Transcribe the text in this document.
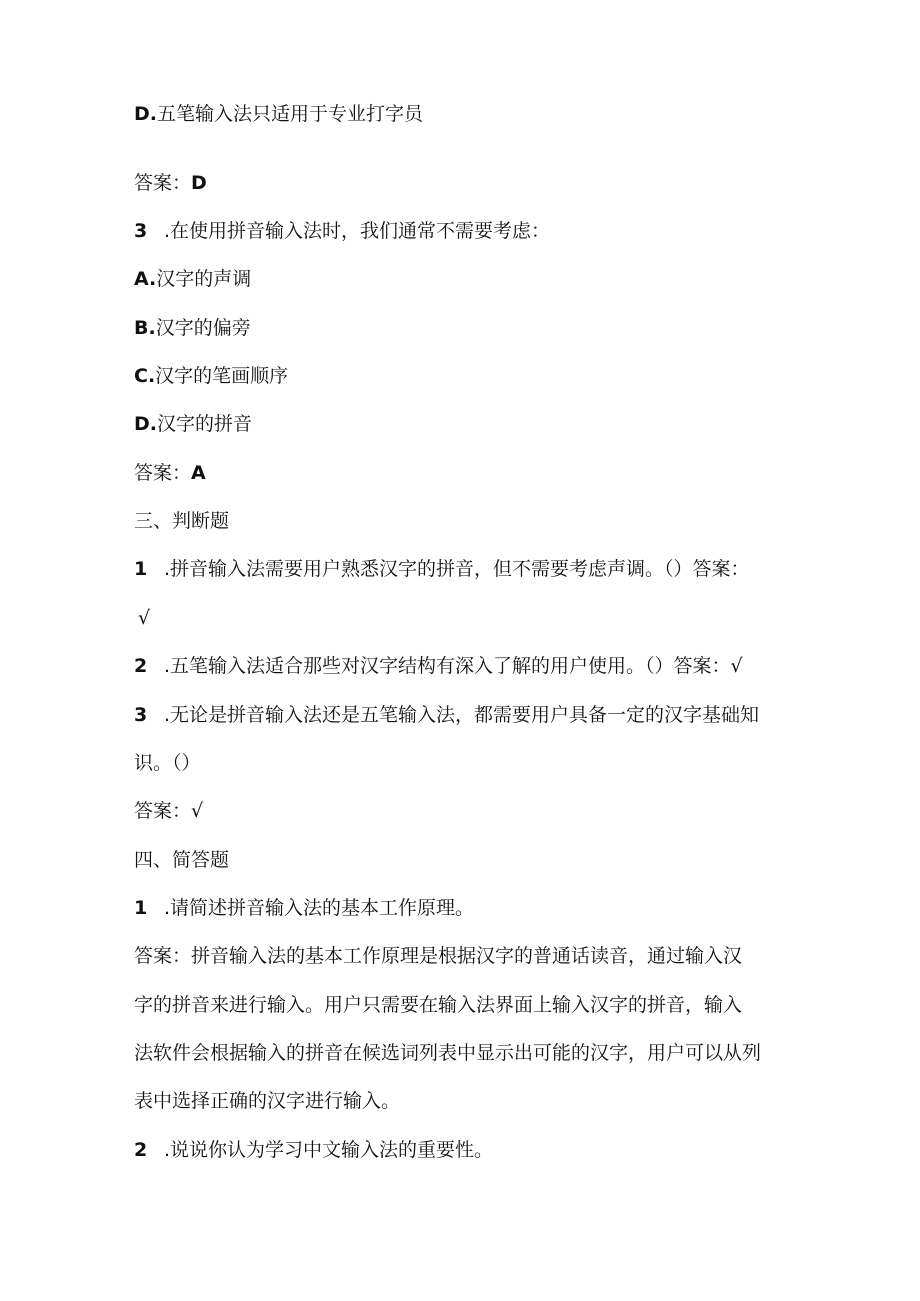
D.五笔输入法只适用于专业打字员
答案：D
3 .在使用拼音输入法时，我们通常不需要考虑：
A.汉字的声调
B.汉字的偏旁
C.汉字的笔画顺序
D.汉字的拼音
答案：A
三、判断题
1 .拼音输入法需要用户熟悉汉字的拼音，但不需要考虑声调。（）答案：
√
2 .五笔输入法适合那些对汉字结构有深入了解的用户使用。（）答案：√
3 .无论是拼音输入法还是五笔输入法，都需要用户具备一定的汉字基础知
识。（）
答案：√
四、简答题
1 .请简述拼音输入法的基本工作原理。
答案：拼音输入法的基本工作原理是根据汉字的普通话读音，通过输入汉
字的拼音来进行输入。用户只需要在输入法界面上输入汉字的拼音，输入
法软件会根据输入的拼音在候选词列表中显示出可能的汉字，用户可以从列
表中选择正确的汉字进行输入。
2 .说说你认为学习中文输入法的重要性。
